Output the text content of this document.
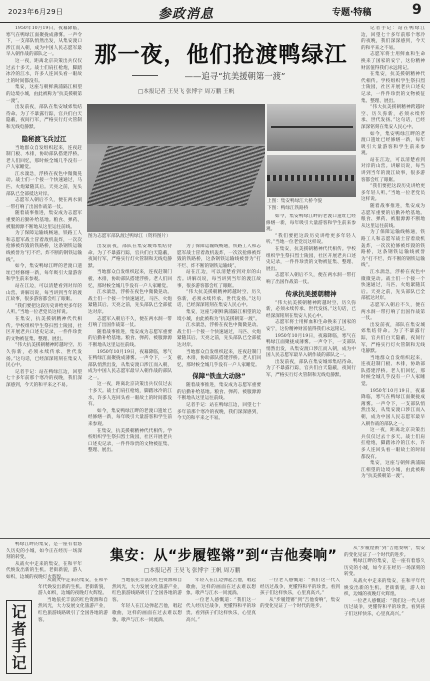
2023年6月29日	参政消息	专题·特稿	9

1950年10月19日，夜幕降临，寒气在鸭绿江面聚拢成薄雾。一声令下，一支部队悄然出发，从集安渡口涉江而入朝，成为中国人民志愿军最早入朝作战的部队之一。

这一夜，距离北京决策出兵仅仅过去十多天。战士们肩扛枪炮，脚踏冰冷的江水，许多人连回头看一眼故土的时间都没有。

集安，这座与朝鲜满浦隔江相望的边境小城，由此被称为“抗美援朝第一渡”。

出发前夜，部队在集安城郊集结待命。为了不暴露行踪，官兵们白天隐蔽，夜间行军，严格实行灯火管制和无线电静默。

隐秘渡飞兵过江

当地群众自发组织起来，连夜赶制门板、木排，协助部队搭建浮桥。老人们回忆，那时候全城几乎没有一户人家睡觉。

江水湍急，浮桥在夜色中微微晃动。战士们一个接一个快速通过，马匹、火炮紧随其后。天亮之前，先头部队已全部抵达对岸。

志愿军入朝后不久，便在两水洞一带打响了出国作战第一仗。

随着战事推进，集安成为志愿军重要的后勤补给基地。粮食、弹药、被服源源不断地从这里运往前线。

为了保障运输线畅通，铁路工人和志愿军战士冒着敌机轰炸，一次次抢修被炸毁的铁路桥，这条钢铁运输线被誉为“打不烂、炸不断的钢铁运输线”。

如今，集安鸭绿江畔的老渡口遗址已经修缮一新，每年吸引大量游客和学生前来参观。

站在江边，可以清楚看到对岸的山峦。讲解员说，每当讲到当年的渡江故事，很多游客都会红了眼眶。

“我们要把这段历史讲给更多年轻人听。”当地一位老党员这样说。

在集安，抗美援朝精神代代相传。学校组织学生祭扫烈士陵园，社区开展老兵口述史记录，一件件珍贵的文物被征集、整理、展出。

“伟大抗美援朝精神跨越时空、历久弥新，必须永续传承、世代发扬。”这句话，已经深深铭刻在集安人民心中。

记者手记：站在鸭绿江边，回望七十多年前那个寒冷的夜晚，我们深深感到，今天的和平来之不易。

那一夜，他们抢渡鸭绿江
——追寻“抗美援朝第一渡”
□本报记者 王昊飞 张博宇 周万鹏 王帆
图为志愿军部队渡过鸭绿江（资料图片）
上图：集安鸭绿江大桥今貌
下图：鸭绿江铁路桥

出发前夜，部队在集安城郊集结待命。为了不暴露行踪，官兵们白天隐蔽，夜间行军，严格实行灯火管制和无线电静默。

当地群众自发组织起来，连夜赶制门板、木排，协助部队搭建浮桥。老人们回忆，那时候全城几乎没有一户人家睡觉。

江水湍急，浮桥在夜色中微微晃动。战士们一个接一个快速通过，马匹、火炮紧随其后。天亮之前，先头部队已全部抵达对岸。

志愿军入朝后不久，便在两水洞一带打响了出国作战第一仗。

随着战事推进，集安成为志愿军重要的后勤补给基地。粮食、弹药、被服源源不断地从这里运往前线。

1950年10月19日，夜幕降临，寒气在鸭绿江面聚拢成薄雾。一声令下，一支部队悄然出发，从集安渡口涉江而入朝，成为中国人民志愿军最早入朝作战的部队之一。

这一夜，距离北京决策出兵仅仅过去十多天。战士们肩扛枪炮，脚踏冰冷的江水，许多人连回头看一眼故土的时间都没有。

如今，集安鸭绿江畔的老渡口遗址已经修缮一新，每年吸引大量游客和学生前来参观。

在集安，抗美援朝精神代代相传。学校组织学生祭扫烈士陵园，社区开展老兵口述史记录，一件件珍贵的文物被征集、整理、展出。

为了保障运输线畅通，铁路工人和志愿军战士冒着敌机轰炸，一次次抢修被炸毁的铁路桥，这条钢铁运输线被誉为“打不烂、炸不断的钢铁运输线”。

站在江边，可以清楚看到对岸的山峦。讲解员说，每当讲到当年的渡江故事，很多游客都会红了眼眶。

“伟大抗美援朝精神跨越时空、历久弥新，必须永续传承、世代发扬。”这句话，已经深深铭刻在集安人民心中。

集安，这座与朝鲜满浦隔江相望的边境小城，由此被称为“抗美援朝第一渡”。

江水湍急，浮桥在夜色中微微晃动。战士们一个接一个快速通过，马匹、火炮紧随其后。天亮之前，先头部队已全部抵达对岸。

当地群众自发组织起来，连夜赶制门板、木排，协助部队搭建浮桥。老人们回忆，那时候全城几乎没有一户人家睡觉。

保障“铁血大动脉”

随着战事推进，集安成为志愿军重要的后勤补给基地。粮食、弹药、被服源源不断地从这里运往前线。

记者手记：站在鸭绿江边，回望七十多年前那个寒冷的夜晚，我们深深感到，今天的和平来之不易。

如今，集安鸭绿江畔的老渡口遗址已经修缮一新，每年吸引大量游客和学生前来参观。

“我们要把这段历史讲给更多年轻人听。”当地一位老党员这样说。

在集安，抗美援朝精神代代相传。学校组织学生祭扫烈士陵园，社区开展老兵口述史记录，一件件珍贵的文物被征集、整理、展出。

志愿军入朝后不久，便在两水洞一带打响了出国作战第一仗。

传承抗美援朝精神

“伟大抗美援朝精神跨越时空、历久弥新，必须永续传承、世代发扬。”这句话，已经深深铭刻在集安人民心中。

志愿军将士用鲜血和生命换来了国家的安宁，这份精神财富值得我们永远铭记。

1950年10月19日，夜幕降临，寒气在鸭绿江面聚拢成薄雾。一声令下，一支部队悄然出发，从集安渡口涉江而入朝，成为中国人民志愿军最早入朝作战的部队之一。

出发前夜，部队在集安城郊集结待命。为了不暴露行踪，官兵们白天隐蔽，夜间行军，严格实行灯火管制和无线电静默。

记者手记：站在鸭绿江边，回望七十多年前那个寒冷的夜晚，我们深深感到，今天的和平来之不易。

志愿军将士用鲜血和生命换来了国家的安宁，这份精神财富值得我们永远铭记。

在集安，抗美援朝精神代代相传。学校组织学生祭扫烈士陵园，社区开展老兵口述史记录，一件件珍贵的文物被征集、整理、展出。

“伟大抗美援朝精神跨越时空、历久弥新，必须永续传承、世代发扬。”这句话，已经深深铭刻在集安人民心中。

如今，集安鸭绿江畔的老渡口遗址已经修缮一新，每年吸引大量游客和学生前来参观。

站在江边，可以清楚看到对岸的山峦。讲解员说，每当讲到当年的渡江故事，很多游客都会红了眼眶。

“我们要把这段历史讲给更多年轻人听。”当地一位老党员这样说。

随着战事推进，集安成为志愿军重要的后勤补给基地。粮食、弹药、被服源源不断地从这里运往前线。

为了保障运输线畅通，铁路工人和志愿军战士冒着敌机轰炸，一次次抢修被炸毁的铁路桥，这条钢铁运输线被誉为“打不烂、炸不断的钢铁运输线”。

江水湍急，浮桥在夜色中微微晃动。战士们一个接一个快速通过，马匹、火炮紧随其后。天亮之前，先头部队已全部抵达对岸。

志愿军入朝后不久，便在两水洞一带打响了出国作战第一仗。

出发前夜，部队在集安城郊集结待命。为了不暴露行踪，官兵们白天隐蔽，夜间行军，严格实行灯火管制和无线电静默。

当地群众自发组织起来，连夜赶制门板、木排，协助部队搭建浮桥。老人们回忆，那时候全城几乎没有一户人家睡觉。

1950年10月19日，夜幕降临，寒气在鸭绿江面聚拢成薄雾。一声令下，一支部队悄然出发，从集安渡口涉江而入朝，成为中国人民志愿军最早入朝作战的部队之一。

这一夜，距离北京决策出兵仅仅过去十多天。战士们肩扛枪炮，脚踏冰冷的江水，许多人连回头看一眼故土的时间都没有。

集安，这座与朝鲜满浦隔江相望的边境小城，由此被称为“抗美援朝第一渡”。

鸭绿江畔的集安，是一座有着悠久历史的小城，如今正在经历一场深刻的转变。

从战火中走来的集安，在和平年代焕发出新的生机。老街新貌，游人如织，边城的夜晚灯火辉煌。

记者手记
集安：从“步履铿锵”到“吉他奏响”
□本报记者 王昊飞 张博宇 王帆 周万鹏

从战火中走来的集安，在和平年代焕发出新的生机。老街新貌，游人如织，边城的夜晚灯火辉煌。

当地依托丰富的红色资源和自然风光，大力发展文化旅游产业，红色旅游线路吸引了全国各地的游客。

当地依托丰富的红色资源和自然风光，大力发展文化旅游产业，红色旅游线路吸引了全国各地的游客。

年轻人在江边弹起吉他，唱起歌曲，这样的画面在过去难以想象。歌声与江水一同流淌。

年轻人在江边弹起吉他，唱起歌曲，这样的画面在过去难以想象。歌声与江水一同流淌。

一位老人感慨道：“我们这一代人经历过战争，更懂得和平的珍贵。看到孩子们这样快乐，心里真高兴。”

一位老人感慨道：“我们这一代人经历过战争，更懂得和平的珍贵。看到孩子们这样快乐，心里真高兴。”

从“步履铿锵”到“吉他奏响”，集安的变化见证了一个时代的进步。

从“步履铿锵”到“吉他奏响”，集安的变化见证了一个时代的进步。

鸭绿江畔的集安，是一座有着悠久历史的小城，如今正在经历一场深刻的转变。

从战火中走来的集安，在和平年代焕发出新的生机。老街新貌，游人如织，边城的夜晚灯火辉煌。

一位老人感慨道：“我们这一代人经历过战争，更懂得和平的珍贵。看到孩子们这样快乐，心里真高兴。”
